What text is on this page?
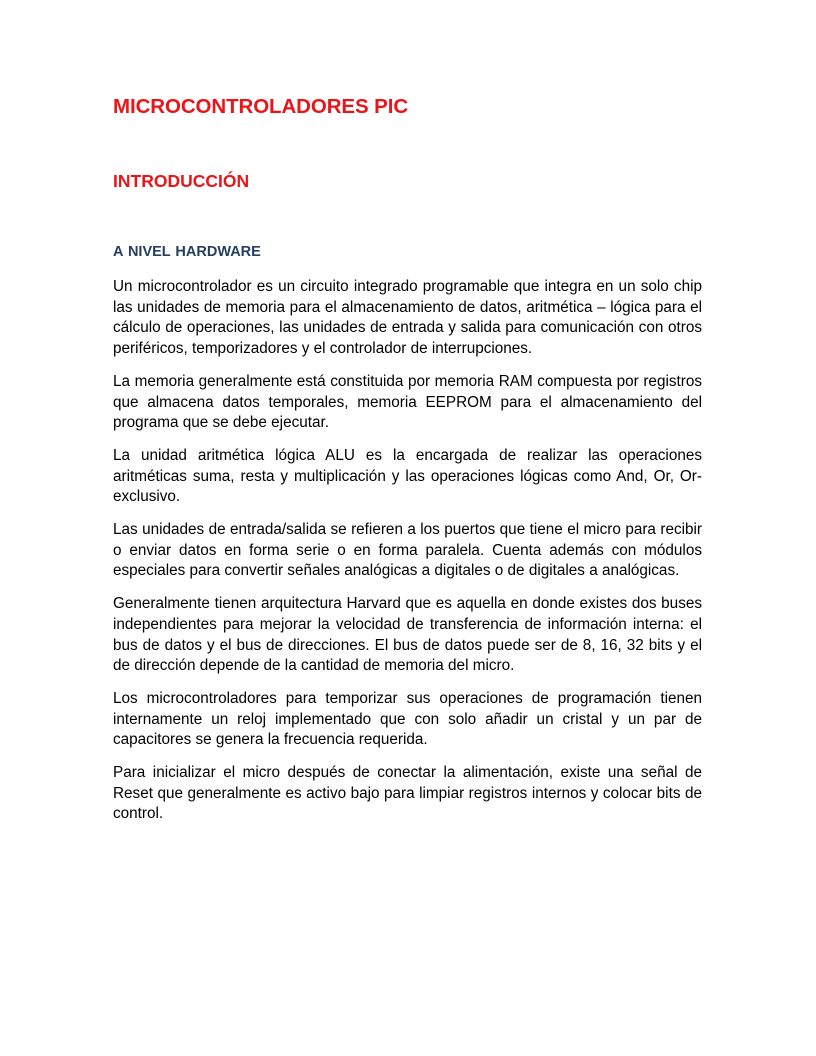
MICROCONTROLADORES PIC
INTRODUCCIÓN
A NIVEL HARDWARE

Un microcontrolador es un circuito integrado programable que integra en un solo chip las unidades de memoria para el almacenamiento de datos, aritmética – lógica para el cálculo de operaciones, las unidades de entrada y salida para comunicación con otros periféricos, temporizadores y el controlador de interrupciones.

La memoria generalmente está constituida por memoria RAM compuesta por registros que almacena datos temporales, memoria EEPROM para el almacenamiento del programa que se debe ejecutar.

La unidad aritmética lógica ALU es la encargada de realizar las operaciones aritméticas suma, resta y multiplicación y las operaciones lógicas como And, Or, Or- exclusivo.

Las unidades de entrada/salida se refieren a los puertos que tiene el micro para recibir o enviar datos en forma serie o en forma paralela. Cuenta además con módulos especiales para convertir señales analógicas a digitales o de digitales a analógicas.

Generalmente tienen arquitectura Harvard que es aquella en donde existes dos buses independientes para mejorar la velocidad de transferencia de información interna: el bus de datos y el bus de direcciones. El bus de datos puede ser de 8, 16, 32 bits y el de dirección depende de la cantidad de memoria del micro.

Los microcontroladores para temporizar sus operaciones de programación tienen internamente un reloj implementado que con solo añadir un cristal y un par de capacitores se genera la frecuencia requerida.

Para inicializar el micro después de conectar la alimentación, existe una señal de Reset que generalmente es activo bajo para limpiar registros internos y colocar bits de control.
